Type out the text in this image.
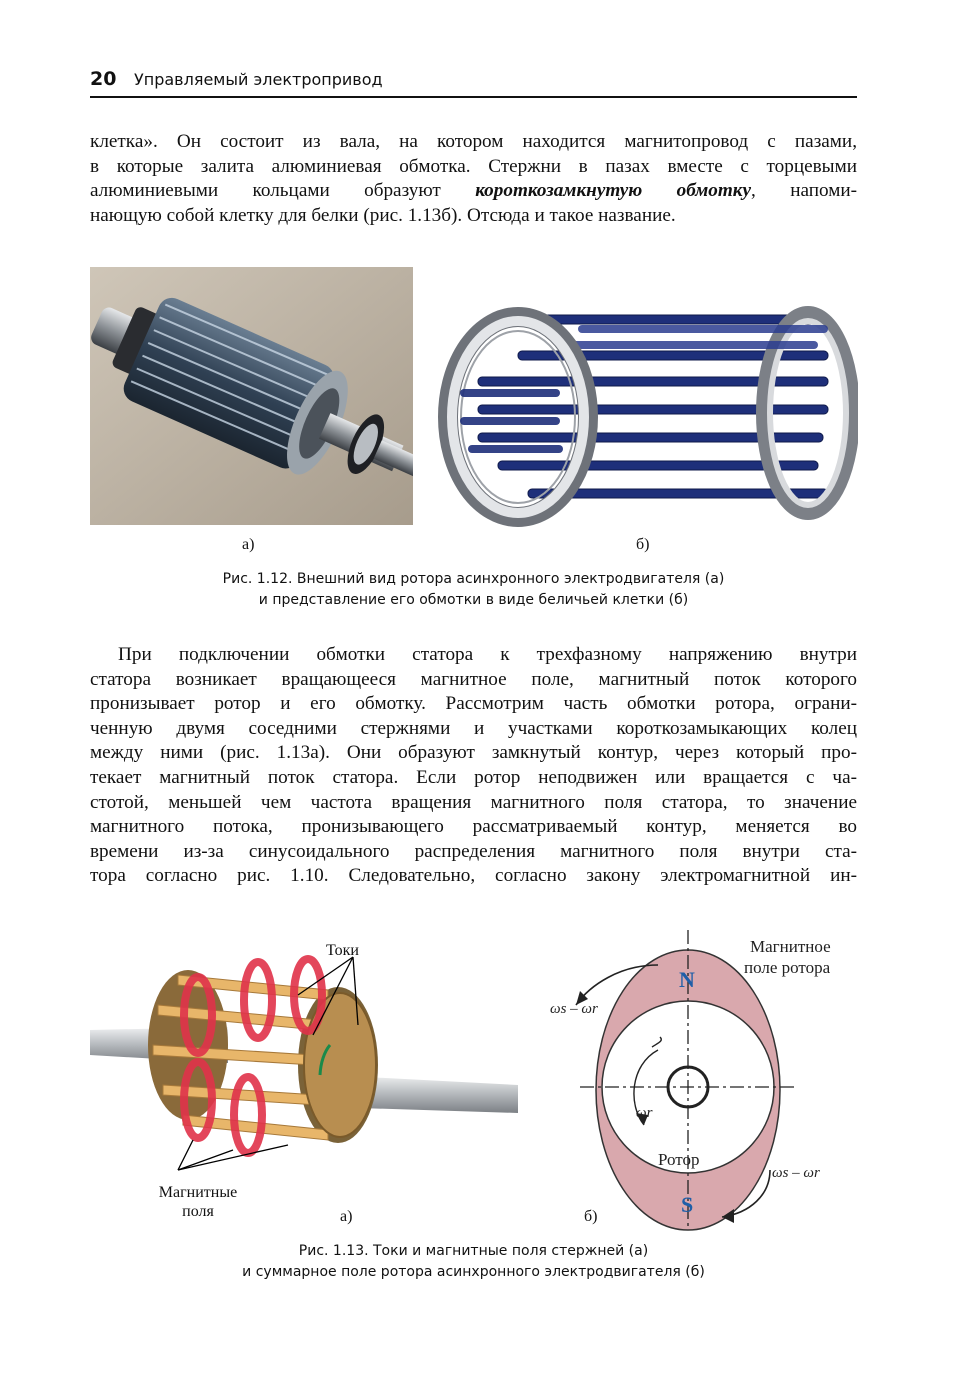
20 Управляемый электропривод
клетка». Он состоит из вала, на котором находится магнитопровод с пазами,
в которые залита алюминиевая обмотка. Стержни в пазах вместе с торцевыми
алюминиевыми кольцами образуют короткозамкнутую обмотку, напоми-
нающую собой клетку для белки (рис. 1.13б). Отсюда и такое название.
а)	б)
Рис. 1.12. Внешний вид ротора асинхронного электродвигателя (а)
и представление его обмотки в виде беличьей клетки (б)
При подключении обмотки статора к трехфазному напряжению внутри
статора возникает вращающееся магнитное поле, магнитный поток которого
пронизывает ротор и его обмотку. Рассмотрим часть обмотки ротора, ограни-
ченную двумя соседними стержнями и участками короткозамыкающих колец
между ними (рис. 1.13а). Они образуют замкнутый контур, через который про-
текает магнитный поток статора. Если ротор неподвижен или вращается с ча-
стотой, меньшей чем частота вращения магнитного поля статора, то значение
магнитного потока, пронизывающего рассматриваемый контур, меняется во
времени из-за синусоидального распределения магнитного поля внутри ста-
тора согласно рис. 1.10. Следовательно, согласно закону электромагнитной ин-
Токи
Магнитные
поля	а)
N
S
ωs – ωr
ωs – ωr
ωr
Ротор
Магнитное
поле ротора
б)
Рис. 1.13. Токи и магнитные поля стержней (а)
и суммарное поле ротора асинхронного электродвигателя (б)
